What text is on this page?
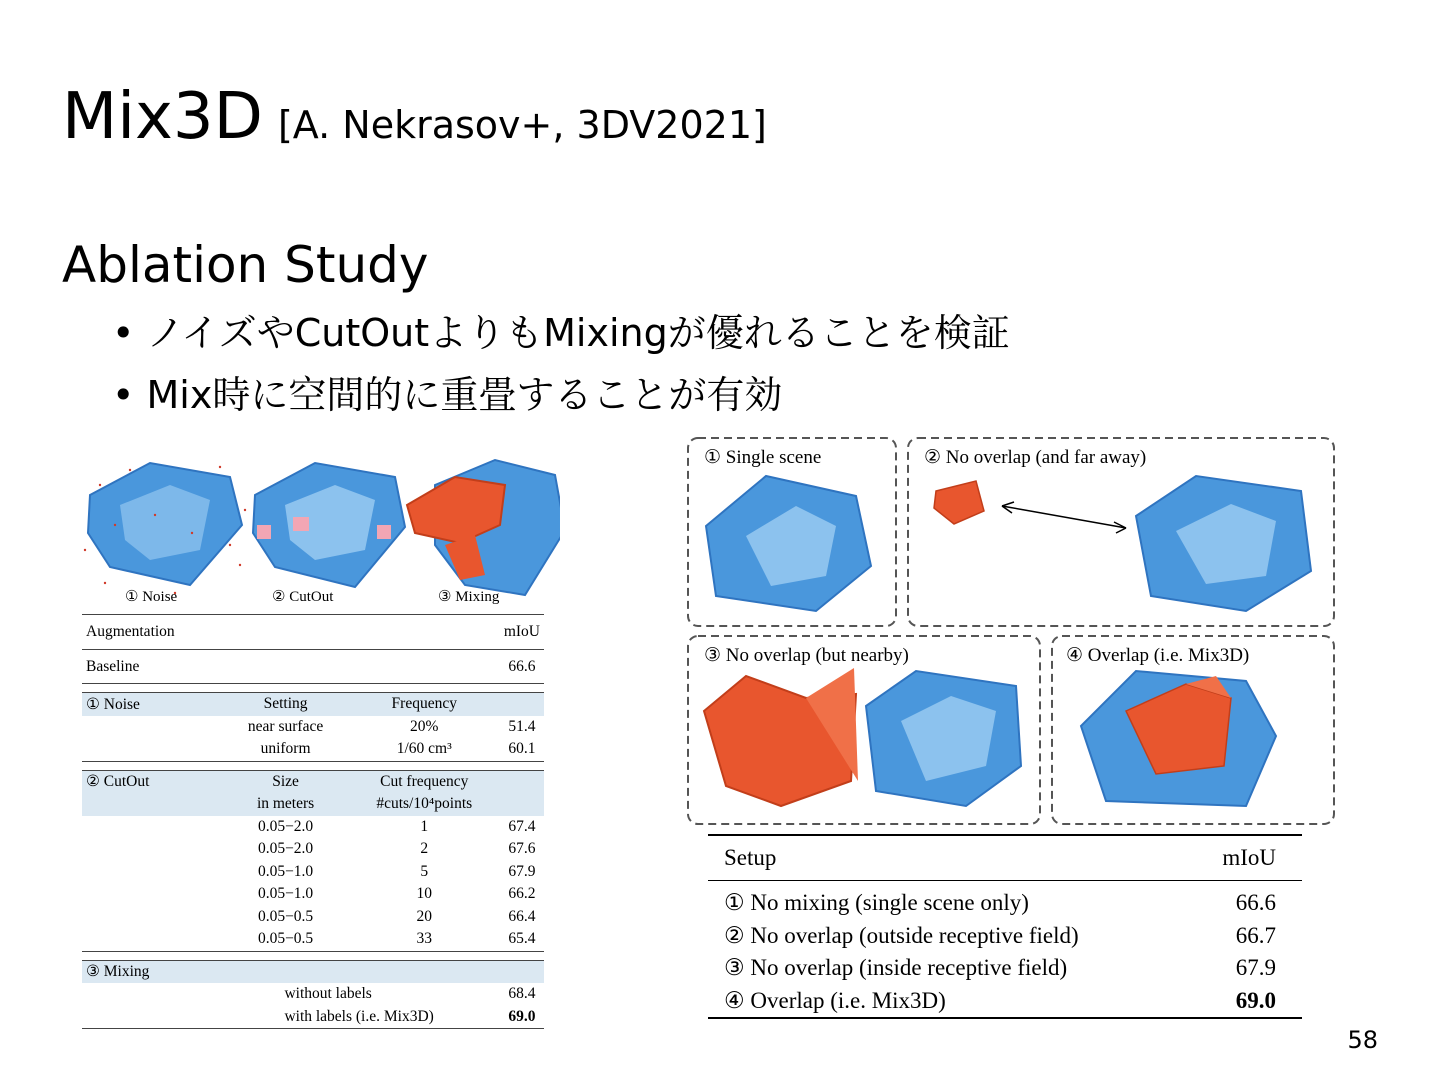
Mix3D [A. Nekrasov+, 3DV2021]
Ablation Study
• ノイズやCutOutよりもMixingが優れることを検証
• Mix時に空間的に重畳することが有効
① Noise	② CutOut	③ Mixing
Augmentation			mIoU
Baseline			66.6

① Noise	Setting	Frequency	
	near surface	20%	51.4
	uniform	1/60 cm³	60.1

② CutOut	Size	Cut frequency	
	in meters	#cuts/10⁴points	
	0.05−2.0	1	67.4
	0.05−2.0	2	67.6
	0.05−1.0	5	67.9
	0.05−1.0	10	66.2
	0.05−0.5	20	66.4
	0.05−0.5	33	65.4

③ Mixing			
	without labels		68.4
	with labels (i.e. Mix3D)		69.0
① Single scene	② No overlap (and far away)
③ No overlap (but nearby)	④ Overlap (i.e. Mix3D)
Setup	mIoU
① No mixing (single scene only)	66.6
② No overlap (outside receptive field)	66.7
③ No overlap (inside receptive field)	67.9
④ Overlap (i.e. Mix3D)	69.0
58
